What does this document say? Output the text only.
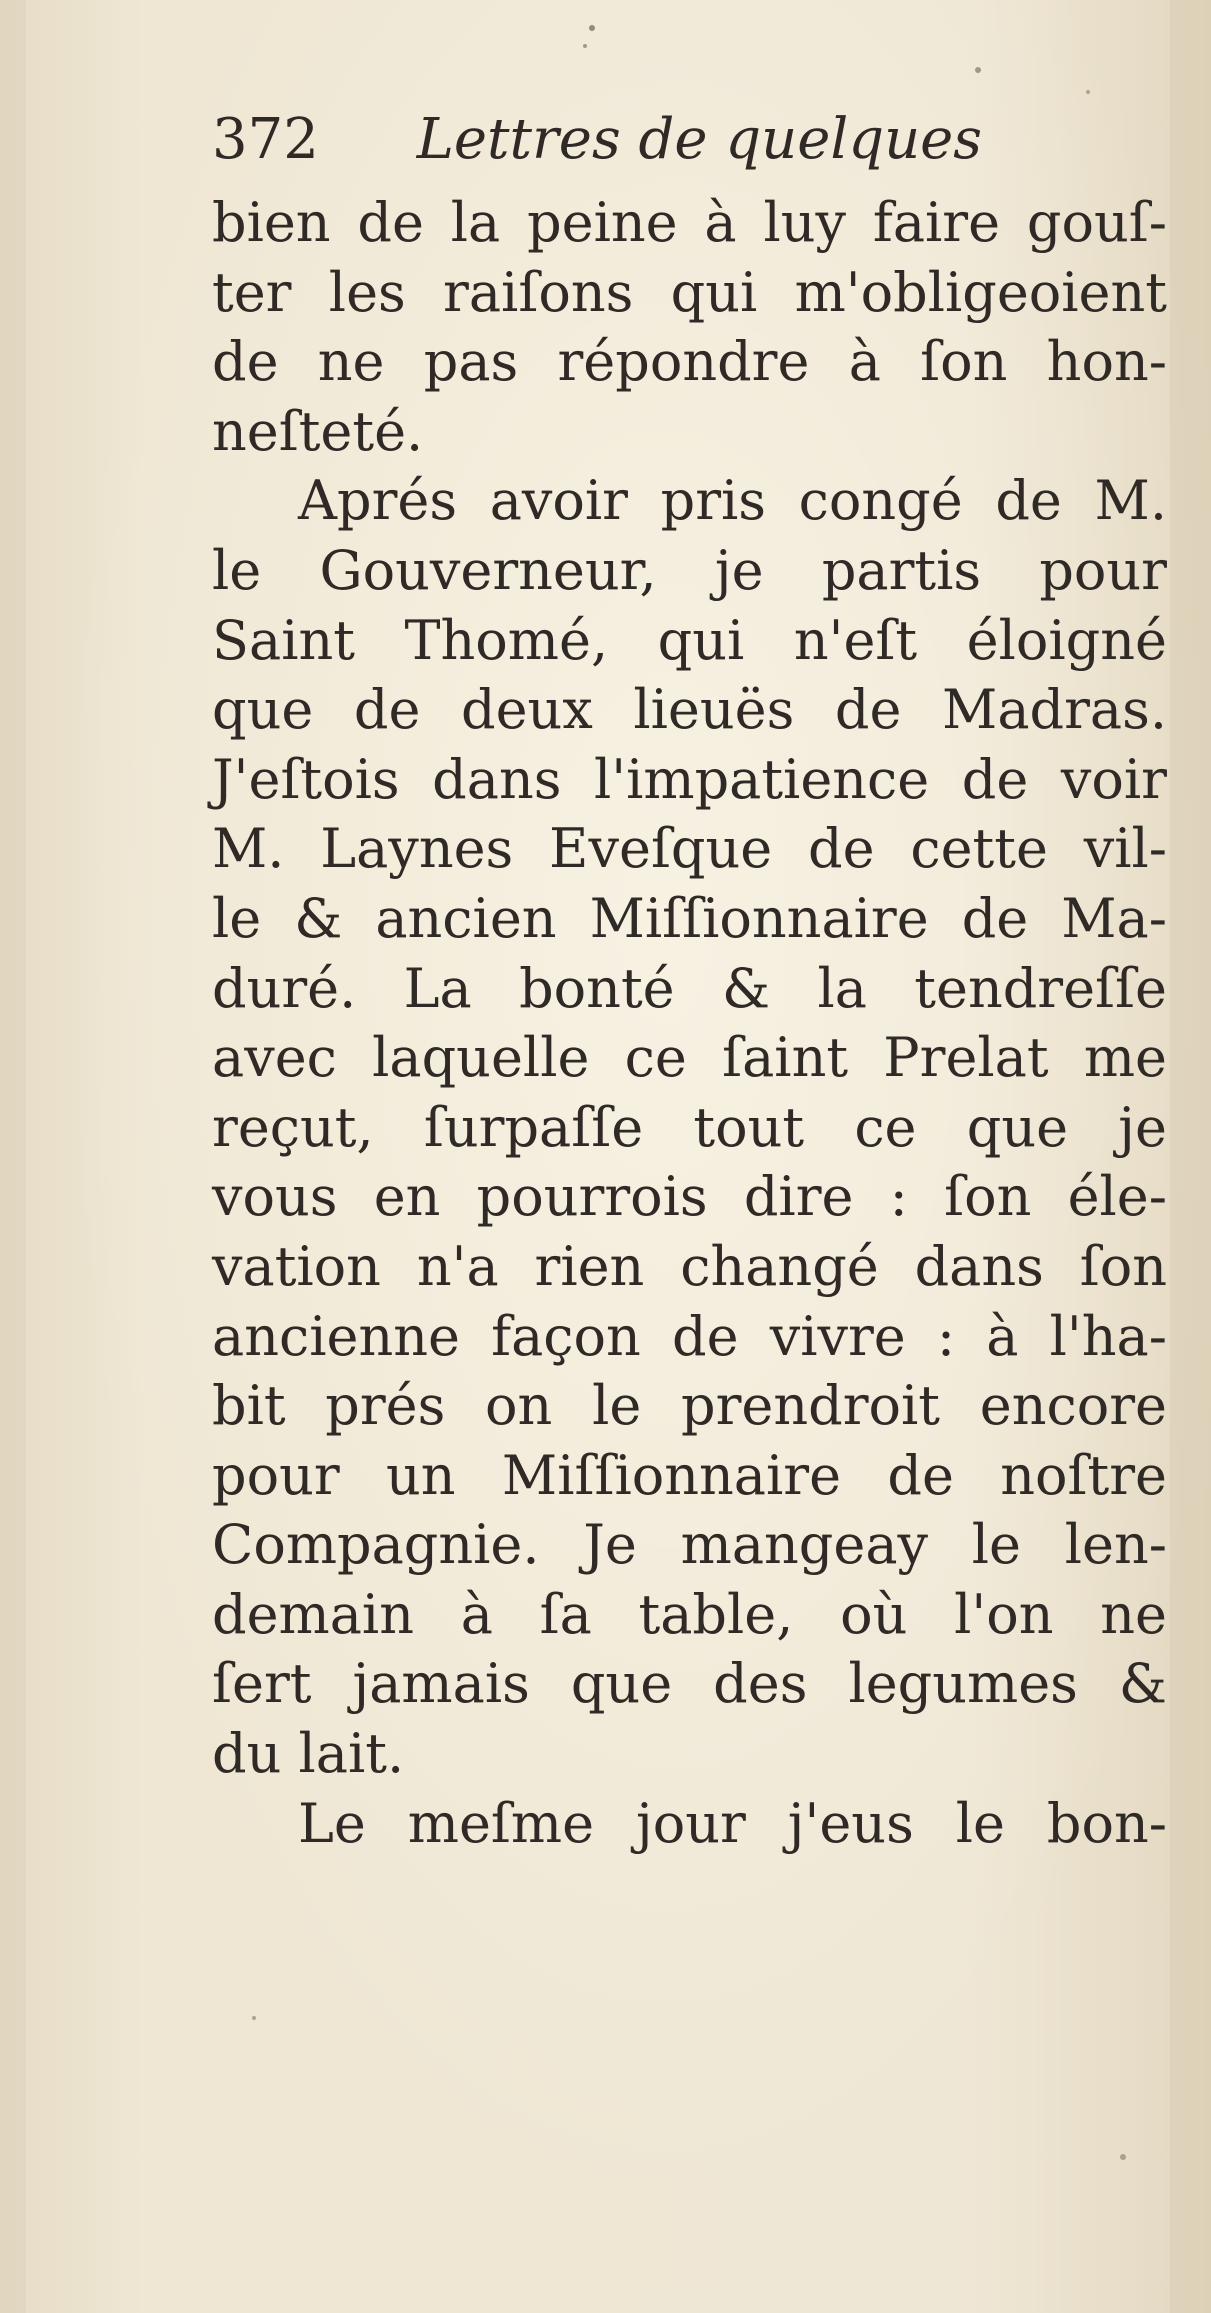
372 Lettres de quelques
bien de la peine à luy faire gouſ-
ter les raiſons qui m'obligeoient
de ne pas répondre à ſon hon-
neſteté.
Aprés avoir pris congé de M.
le Gouverneur, je partis pour
Saint Thomé, qui n'eſt éloigné
que de deux lieuës de Madras.
J'eſtois dans l'impatience de voir
M. Laynes Eveſque de cette vil-
le & ancien Miſſionnaire de Ma-
duré. La bonté & la tendreſſe
avec laquelle ce ſaint Prelat me
reçut, ſurpaſſe tout ce que je
vous en pourrois dire : ſon éle-
vation n'a rien changé dans ſon
ancienne façon de vivre : à l'ha-
bit prés on le prendroit encore
pour un Miſſionnaire de noſtre
Compagnie. Je mangeay le len-
demain à ſa table, où l'on ne
ſert jamais que des legumes &
du lait.
Le meſme jour j'eus le bon-
